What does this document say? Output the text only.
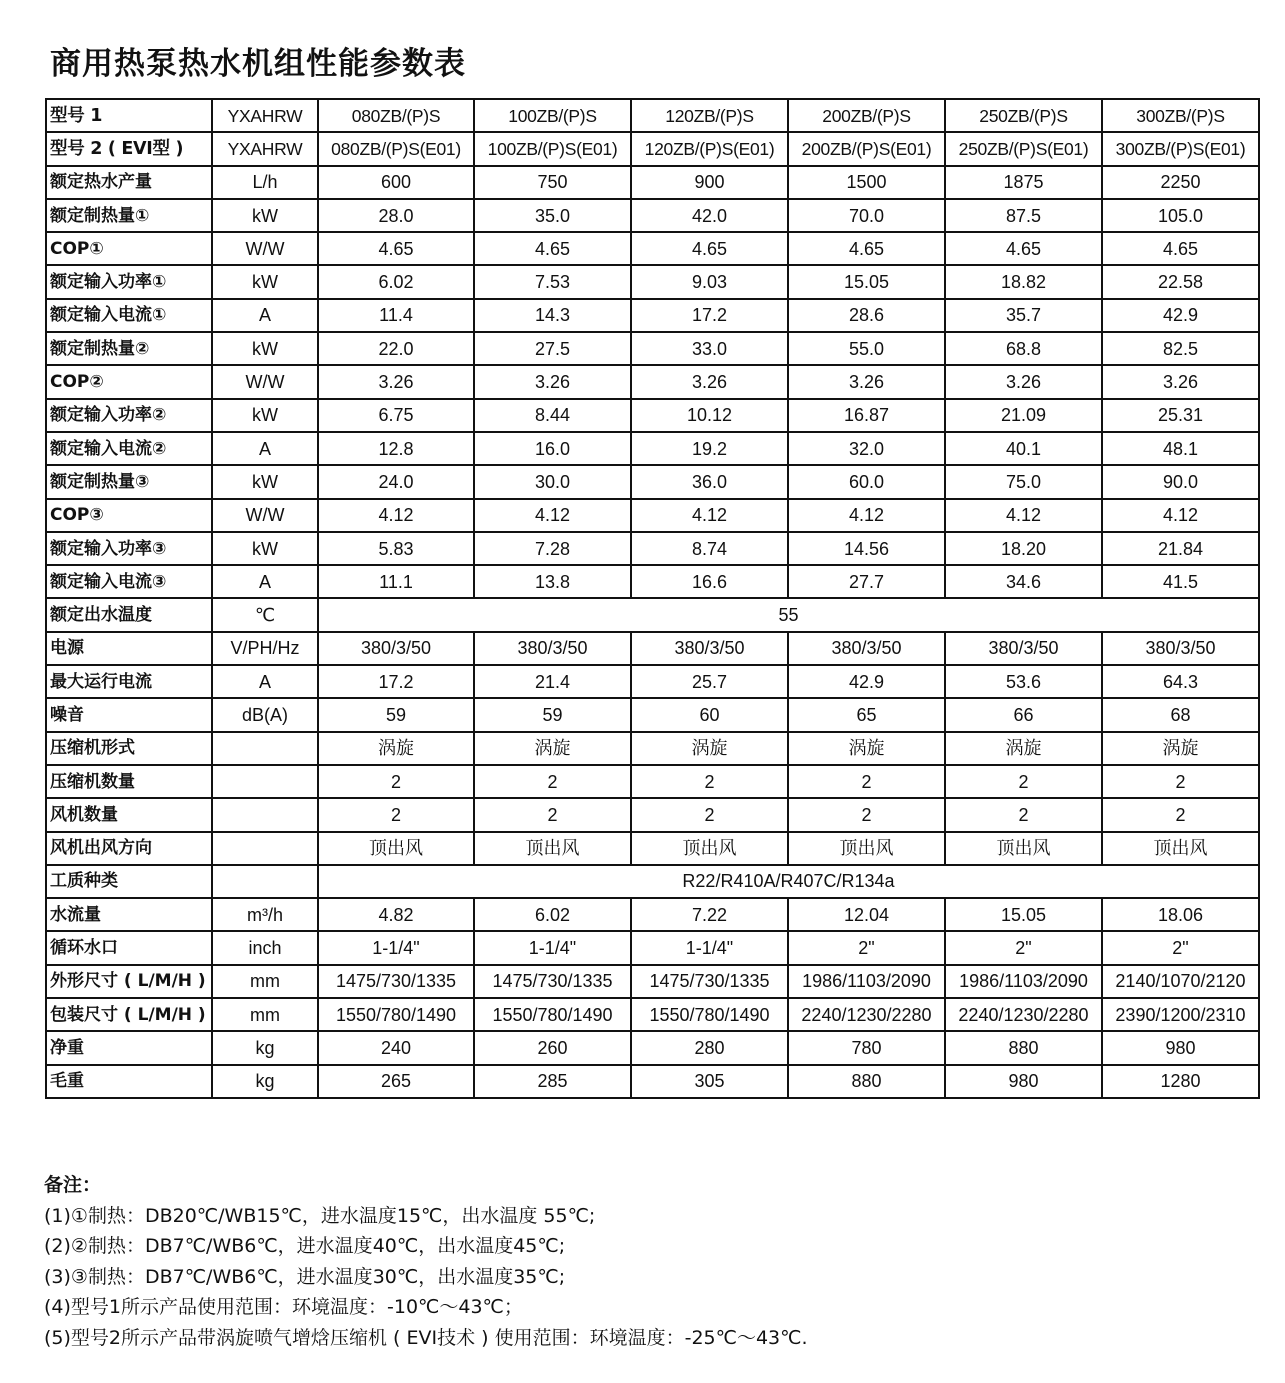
商用热泵热水机组性能参数表
型号 1	YXAHRW	080ZB/(P)S	100ZB/(P)S	120ZB/(P)S	200ZB/(P)S	250ZB/(P)S	300ZB/(P)S
型号 2 ( EVI型 )	YXAHRW	080ZB/(P)S(E01)	100ZB/(P)S(E01)	120ZB/(P)S(E01)	200ZB/(P)S(E01)	250ZB/(P)S(E01)	300ZB/(P)S(E01)
额定热水产量	L/h	600	750	900	1500	1875	2250
额定制热量①	kW	28.0	35.0	42.0	70.0	87.5	105.0
COP①	W/W	4.65	4.65	4.65	4.65	4.65	4.65
额定输入功率①	kW	6.02	7.53	9.03	15.05	18.82	22.58
额定输入电流①	A	11.4	14.3	17.2	28.6	35.7	42.9
额定制热量②	kW	22.0	27.5	33.0	55.0	68.8	82.5
COP②	W/W	3.26	3.26	3.26	3.26	3.26	3.26
额定输入功率②	kW	6.75	8.44	10.12	16.87	21.09	25.31
额定输入电流②	A	12.8	16.0	19.2	32.0	40.1	48.1
额定制热量③	kW	24.0	30.0	36.0	60.0	75.0	90.0
COP③	W/W	4.12	4.12	4.12	4.12	4.12	4.12
额定输入功率③	kW	5.83	7.28	8.74	14.56	18.20	21.84
额定输入电流③	A	11.1	13.8	16.6	27.7	34.6	41.5
额定出水温度	℃	55					
电源	V/PH/Hz	380/3/50	380/3/50	380/3/50	380/3/50	380/3/50	380/3/50
最大运行电流	A	17.2	21.4	25.7	42.9	53.6	64.3
噪音	dB(A)	59	59	60	65	66	68
压缩机形式		涡旋	涡旋	涡旋	涡旋	涡旋	涡旋
压缩机数量		2	2	2	2	2	2
风机数量		2	2	2	2	2	2
风机出风方向		顶出风	顶出风	顶出风	顶出风	顶出风	顶出风
工质种类		R22/R410A/R407C/R134a					
水流量	m³/h	4.82	6.02	7.22	12.04	15.05	18.06
循环水口	inch	1-1/4"	1-1/4"	1-1/4"	2"	2"	2"
外形尺寸 ( L/M/H )	mm	1475/730/1335	1475/730/1335	1475/730/1335	1986/1103/2090	1986/1103/2090	2140/1070/2120
包装尺寸 ( L/M/H )	mm	1550/780/1490	1550/780/1490	1550/780/1490	2240/1230/2280	2240/1230/2280	2390/1200/2310
净重	kg	240	260	280	780	880	980
毛重	kg	265	285	305	880	980	1280
备注：
(1)①制热：DB20℃/WB15℃，进水温度15℃，出水温度 55℃;
(2)②制热：DB7℃/WB6℃，进水温度40℃，出水温度45℃;
(3)③制热：DB7℃/WB6℃，进水温度30℃，出水温度35℃;
(4)型号1所示产品使用范围：环境温度：-10℃～43℃；
(5)型号2所示产品带涡旋喷气增焓压缩机 ( EVI技术 ) 使用范围：环境温度：-25℃～43℃.
